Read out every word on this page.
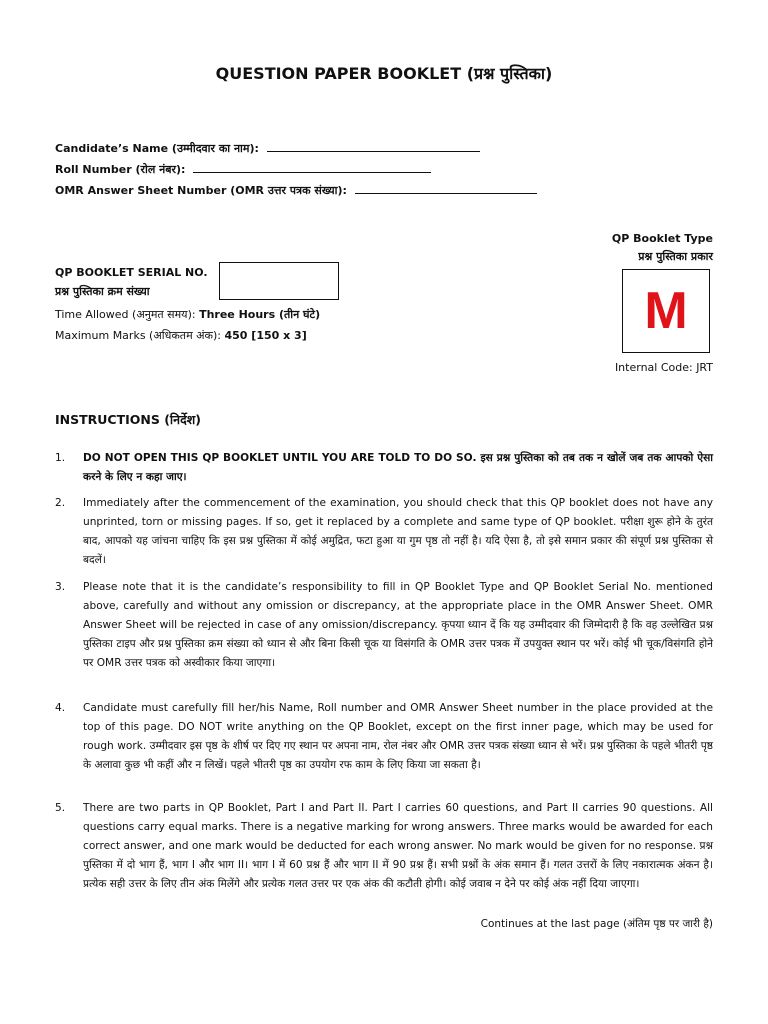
QUESTION PAPER BOOKLET (प्रश्न पुस्तिका)
Candidate’s Name (उम्मीदवार का नाम):
Roll Number (रोल नंबर):
OMR Answer Sheet Number (OMR उत्तर पत्रक संख्या):
QP Booklet Type
प्रश्न पुस्तिका प्रकार
M
Internal Code: JRT
QP BOOKLET SERIAL NO.
प्रश्न पुस्तिका क्रम संख्या
Time Allowed (अनुमत समय): Three Hours (तीन घंटे)
Maximum Marks (अधिकतम अंक): 450 [150 x 3]
INSTRUCTIONS (निर्देश)
1.	DO NOT OPEN THIS QP BOOKLET UNTIL YOU ARE TOLD TO DO SO. इस प्रश्न पुस्तिका को तब तक न खोलें जब तक आपको ऐसा करने के लिए न कहा जाए।
2.	Immediately after the commencement of the examination, you should check that this QP booklet does not have any unprinted, torn or missing pages. If so, get it replaced by a complete and same type of QP booklet. परीक्षा शुरू होने के तुरंत बाद, आपको यह जांचना चाहिए कि इस प्रश्न पुस्तिका में कोई अमुद्रित, फटा हुआ या गुम पृष्ठ तो नहीं है। यदि ऐसा है, तो इसे समान प्रकार की संपूर्ण प्रश्न पुस्तिका से बदलें।
3.	Please note that it is the candidate’s responsibility to fill in QP Booklet Type and QP Booklet Serial No. mentioned above, carefully and without any omission or discrepancy, at the appropriate place in the OMR Answer Sheet. OMR Answer Sheet will be rejected in case of any omission/discrepancy. कृपया ध्यान दें कि यह उम्मीदवार की जिम्मेदारी है कि वह उल्लेखित प्रश्न पुस्तिका टाइप और प्रश्न पुस्तिका क्रम संख्या को ध्यान से और बिना किसी चूक या विसंगति के OMR उत्तर पत्रक में उपयुक्त स्थान पर भरें। कोई भी चूक/विसंगति होने पर OMR उत्तर पत्रक को अस्वीकार किया जाएगा।
4.	Candidate must carefully fill her/his Name, Roll number and OMR Answer Sheet number in the place provided at the top of this page. DO NOT write anything on the QP Booklet, except on the first inner page, which may be used for rough work. उम्मीदवार इस पृष्ठ के शीर्ष पर दिए गए स्थान पर अपना नाम, रोल नंबर और OMR उत्तर पत्रक संख्या ध्यान से भरें। प्रश्न पुस्तिका के पहले भीतरी पृष्ठ के अलावा कुछ भी कहीं और न लिखें। पहले भीतरी पृष्ठ का उपयोग रफ काम के लिए किया जा सकता है।
5.	There are two parts in QP Booklet, Part I and Part II. Part I carries 60 questions, and Part II carries 90 questions. All questions carry equal marks. There is a negative marking for wrong answers. Three marks would be awarded for each correct answer, and one mark would be deducted for each wrong answer. No mark would be given for no response. प्रश्न पुस्तिका में दो भाग हैं, भाग I और भाग II। भाग I में 60 प्रश्न हैं और भाग II में 90 प्रश्न हैं। सभी प्रश्नों के अंक समान हैं। गलत उत्तरों के लिए नकारात्मक अंकन है। प्रत्येक सही उत्तर के लिए तीन अंक मिलेंगे और प्रत्येक गलत उत्तर पर एक अंक की कटौती होगी। कोई जवाब न देने पर कोई अंक नहीं दिया जाएगा।
Continues at the last page (अंतिम पृष्ठ पर जारी है)
